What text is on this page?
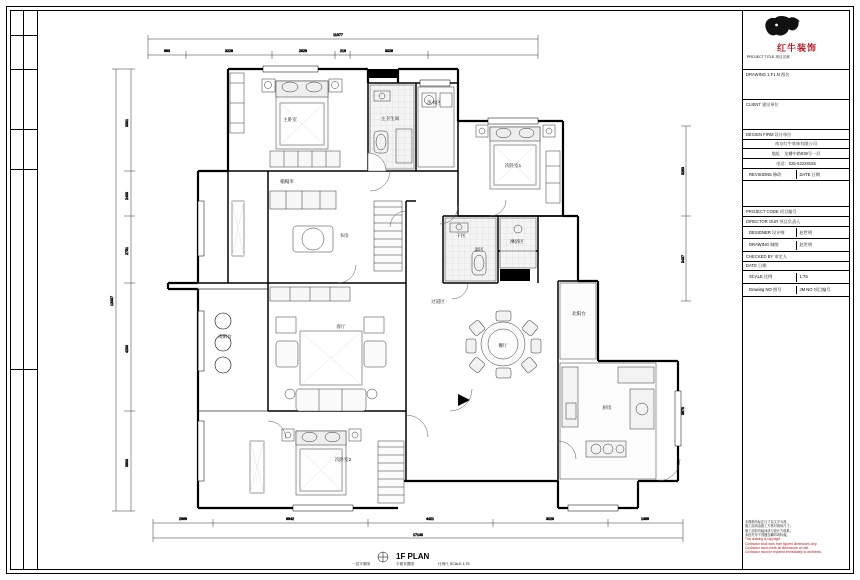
11077
980	3228	2629	216	3026
2969	6942	4421	3026	1369
17140
12037
3301
2400
2751
4200
3900
3263
3437
3670
主卧室	主卫生间
洗衣区
次卧室1
榻榻米
书房	干区
湿区
淋浴区
过道区
北阳台
客厅
餐厅
南阳台
厨房
次卧室2
1F PLAN
平面布置图
一层平面图	比例尺 SCALE 1:75
红牛装饰
PROJECT TITLE 项目名称
DRAWING 1 F1.N 图名
CLIENT 建设单位
DESIGN FIRM 设计单位
南京红牛装饰有限公司
地址：龙蟠中路938号一层
电话：025-52228155
REVISIONS 修改	DATE 日期
PROJECT CODE 项目编号
DIRECTOR OUR 项目负责人
DESIGNER 设计师	赵世明
DRAWING 制图	赵世明
CHECKED BY 审定人
DATE 日期
SCALE 比例	1:75
Drawing NO 图号	JM NO 项目编号
本图纸所标注尺寸以文字为准。
施工前须由施工方核对现场尺寸。
施工前如有疑问请与设计方联系。
未经许可不得擅自翻印或转载。
This drawing is copyright
Contractor shall work from figured dimensions only.
Contractor must check all dimensions on site.
Contractor must be reported immediately to architects.
